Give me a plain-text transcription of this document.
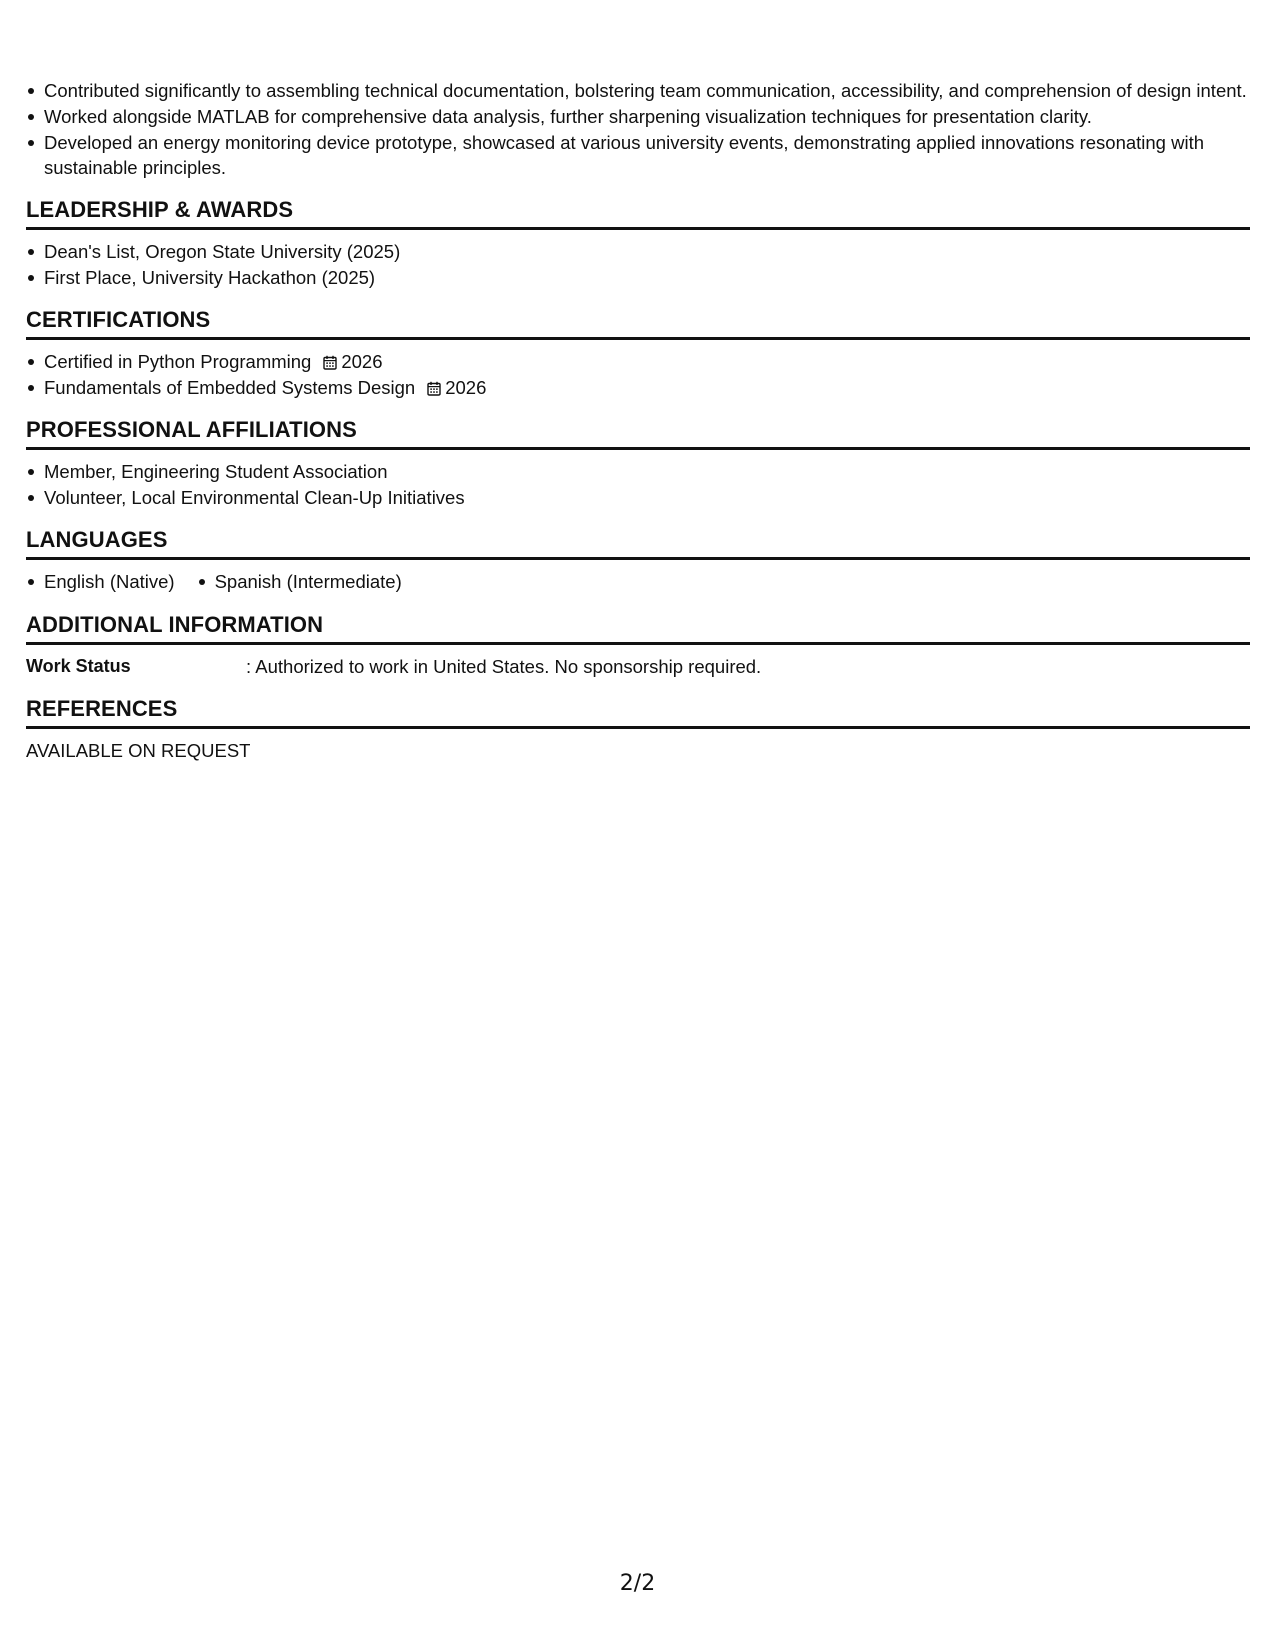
Contributed significantly to assembling technical documentation, bolstering team communication, accessibility, and comprehension of design intent.
Worked alongside MATLAB for comprehensive data analysis, further sharpening visualization techniques for presentation clarity.
Developed an energy monitoring device prototype, showcased at various university events, demonstrating applied innovations resonating with sustainable principles.
LEADERSHIP & AWARDS
Dean's List, Oregon State University (2025)
First Place, University Hackathon (2025)
CERTIFICATIONS
Certified in Python Programming 2026
Fundamentals of Embedded Systems Design 2026
PROFESSIONAL AFFILIATIONS
Member, Engineering Student Association
Volunteer, Local Environmental Clean-Up Initiatives
LANGUAGES
English (Native) Spanish (Intermediate)
ADDITIONAL INFORMATION
Work Status	: Authorized to work in United States. No sponsorship required.
REFERENCES
AVAILABLE ON REQUEST
2/2
